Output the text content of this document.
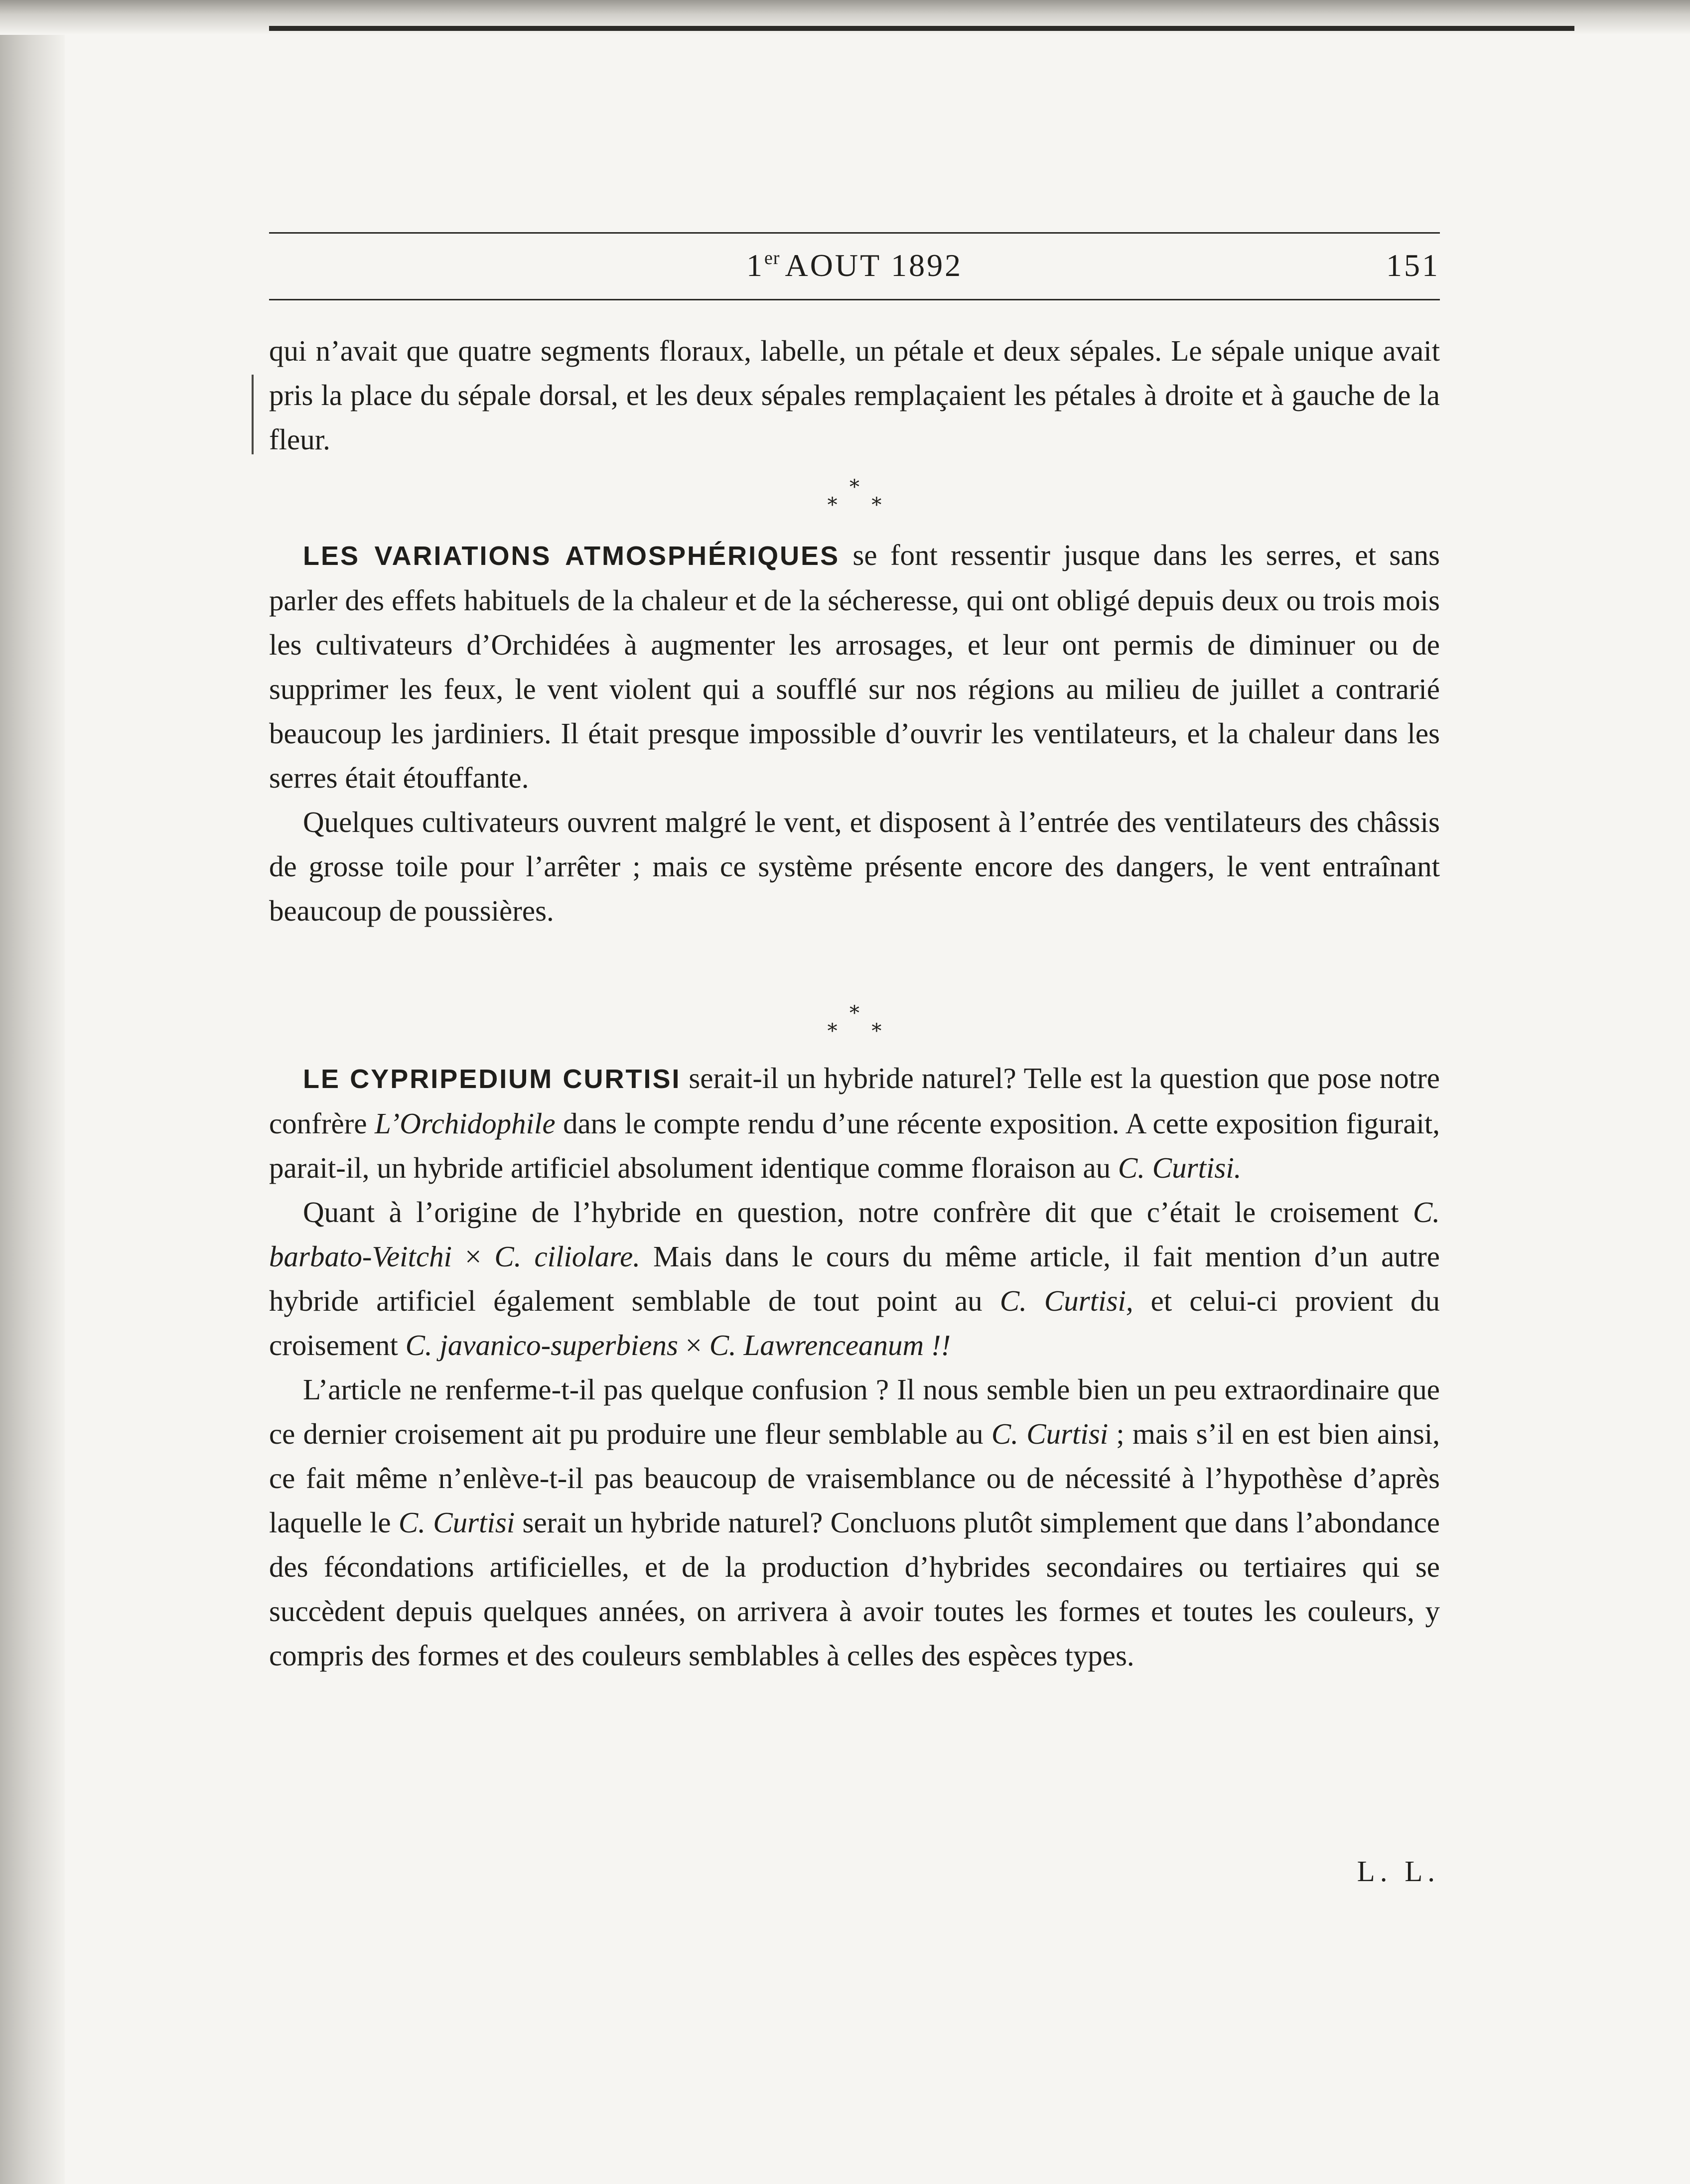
1er AOUT 1892	151

qui n’avait que quatre segments floraux, labelle, un pétale et deux sépales. Le sépale unique avait pris la place du sépale dorsal, et les deux sépales remplaçaient les pétales à droite et à gauche de la fleur.

*
* *

LES VARIATIONS ATMOSPHÉRIQUES se font ressentir jusque dans les serres, et sans parler des effets habituels de la chaleur et de la sécheresse, qui ont obligé depuis deux ou trois mois les cultivateurs d’Orchidées à augmenter les arrosages, et leur ont permis de diminuer ou de supprimer les feux, le vent violent qui a soufflé sur nos régions au milieu de juillet a contrarié beaucoup les jardiniers. Il était presque impossible d’ouvrir les ventilateurs, et la chaleur dans les serres était étouffante.

Quelques cultivateurs ouvrent malgré le vent, et disposent à l’entrée des ventilateurs des châssis de grosse toile pour l’arrêter ; mais ce système présente encore des dangers, le vent entraînant beaucoup de poussières.

*
* *

LE CYPRIPEDIUM CURTISI serait-il un hybride naturel? Telle est la question que pose notre confrère L’Orchidophile dans le compte rendu d’une récente exposition. A cette exposition figurait, parait-il, un hybride artificiel absolument identique comme floraison au C. Curtisi.

Quant à l’origine de l’hybride en question, notre confrère dit que c’était le croisement C. barbato-Veitchi × C. ciliolare. Mais dans le cours du même article, il fait mention d’un autre hybride artificiel également semblable de tout point au C. Curtisi, et celui-ci provient du croisement C. javanico-superbiens × C. Lawrenceanum !!

L’article ne renferme-t-il pas quelque confusion ? Il nous semble bien un peu extraordinaire que ce dernier croisement ait pu produire une fleur semblable au C. Curtisi ; mais s’il en est bien ainsi, ce fait même n’enlève-t-il pas beaucoup de vraisemblance ou de nécessité à l’hypothèse d’après laquelle le C. Curtisi serait un hybride naturel? Concluons plutôt simplement que dans l’abondance des fécondations artificielles, et de la production d’hybrides secondaires ou tertiaires qui se succèdent depuis quelques années, on arrivera à avoir toutes les formes et toutes les couleurs, y compris des formes et des couleurs semblables à celles des espèces types.

L. L.
